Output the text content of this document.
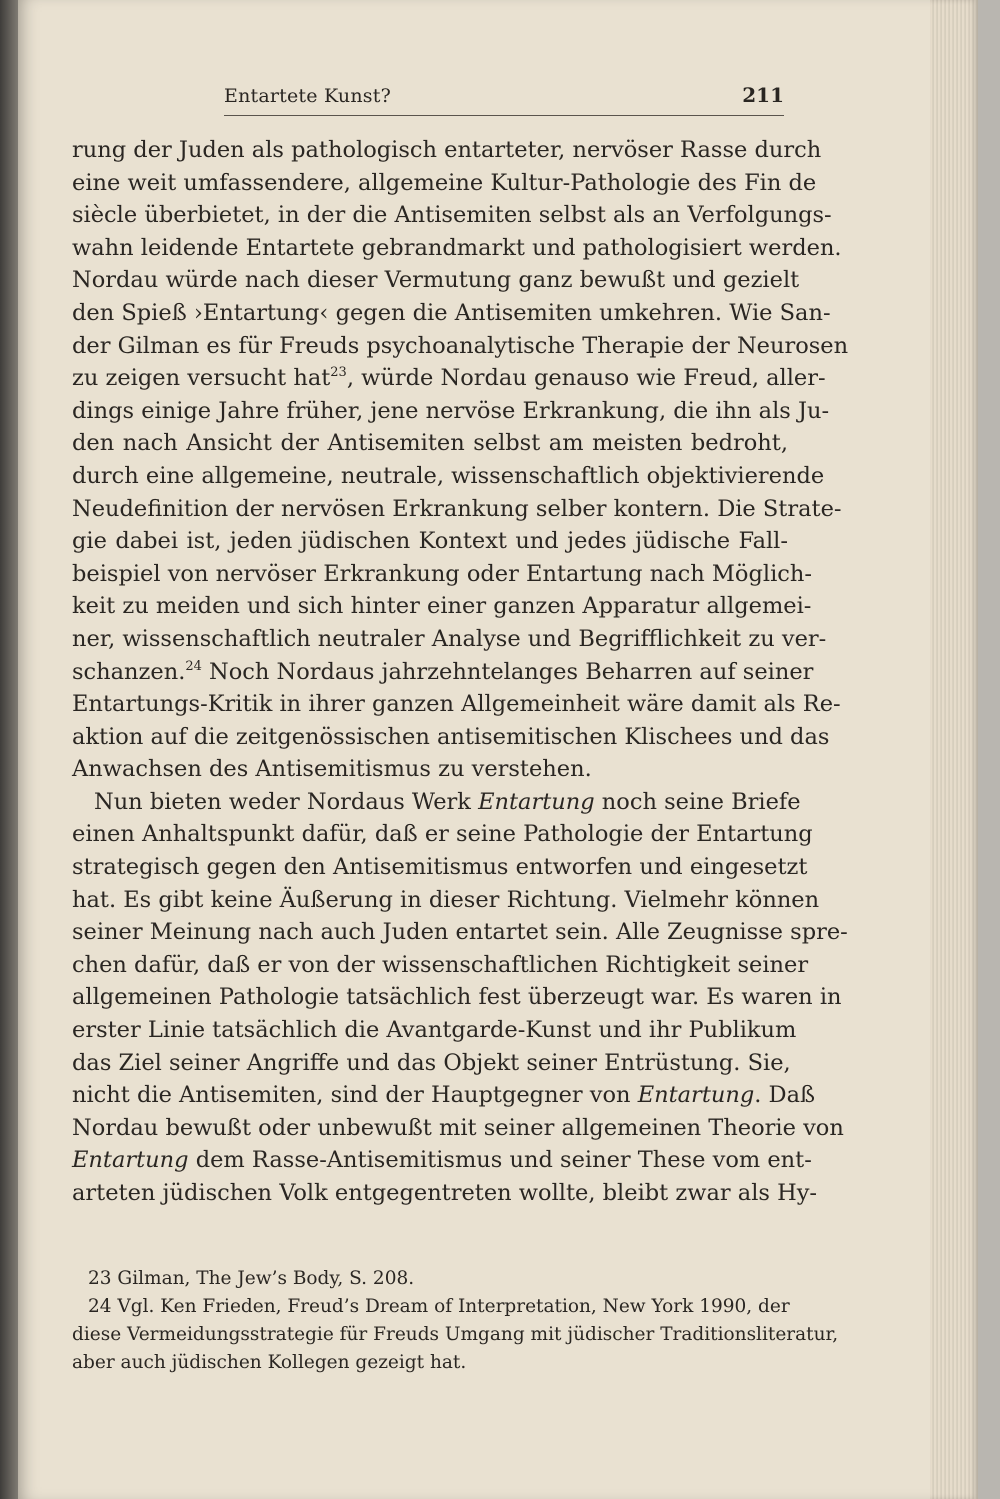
Entartete Kunst?	211
rung der Juden als pathologisch entarteter, nervöser Rasse durch
eine weit umfassendere, allgemeine Kultur-Pathologie des Fin de
siècle überbietet, in der die Antisemiten selbst als an Verfolgungs-
wahn leidende Entartete gebrandmarkt und pathologisiert werden.
Nordau würde nach dieser Vermutung ganz bewußt und gezielt
den Spieß ›Entartung‹ gegen die Antisemiten umkehren. Wie San-
der Gilman es für Freuds psychoanalytische Therapie der Neurosen
zu zeigen versucht hat$^{23}$, würde Nordau genauso wie Freud, aller-
dings einige Jahre früher, jene nervöse Erkrankung, die ihn als Ju-
den nach Ansicht der Antisemiten selbst am meisten bedroht,
durch eine allgemeine, neutrale, wissenschaftlich objektivierende
Neudefinition der nervösen Erkrankung selber kontern. Die Strate-
gie dabei ist, jeden jüdischen Kontext und jedes jüdische Fall-
beispiel von nervöser Erkrankung oder Entartung nach Möglich-
keit zu meiden und sich hinter einer ganzen Apparatur allgemei-
ner, wissenschaftlich neutraler Analyse und Begrifflichkeit zu ver-
schanzen.$^{24}$ Noch Nordaus jahrzehntelanges Beharren auf seiner
Entartungs-Kritik in ihrer ganzen Allgemeinheit wäre damit als Re-
aktion auf die zeitgenössischen antisemitischen Klischees und das
Anwachsen des Antisemitismus zu verstehen.
Nun bieten weder Nordaus Werk Entartung noch seine Briefe
einen Anhaltspunkt dafür, daß er seine Pathologie der Entartung
strategisch gegen den Antisemitismus entworfen und eingesetzt
hat. Es gibt keine Äußerung in dieser Richtung. Vielmehr können
seiner Meinung nach auch Juden entartet sein. Alle Zeugnisse spre-
chen dafür, daß er von der wissenschaftlichen Richtigkeit seiner
allgemeinen Pathologie tatsächlich fest überzeugt war. Es waren in
erster Linie tatsächlich die Avantgarde-Kunst und ihr Publikum
das Ziel seiner Angriffe und das Objekt seiner Entrüstung. Sie,
nicht die Antisemiten, sind der Hauptgegner von Entartung. Daß
Nordau bewußt oder unbewußt mit seiner allgemeinen Theorie von
Entartung dem Rasse-Antisemitismus und seiner These vom ent-
arteten jüdischen Volk entgegentreten wollte, bleibt zwar als Hy-
23 Gilman, The Jew’s Body, S. 208.
24 Vgl. Ken Frieden, Freud’s Dream of Interpretation, New York 1990, der
diese Vermeidungsstrategie für Freuds Umgang mit jüdischer Traditionsliteratur,
aber auch jüdischen Kollegen gezeigt hat.
